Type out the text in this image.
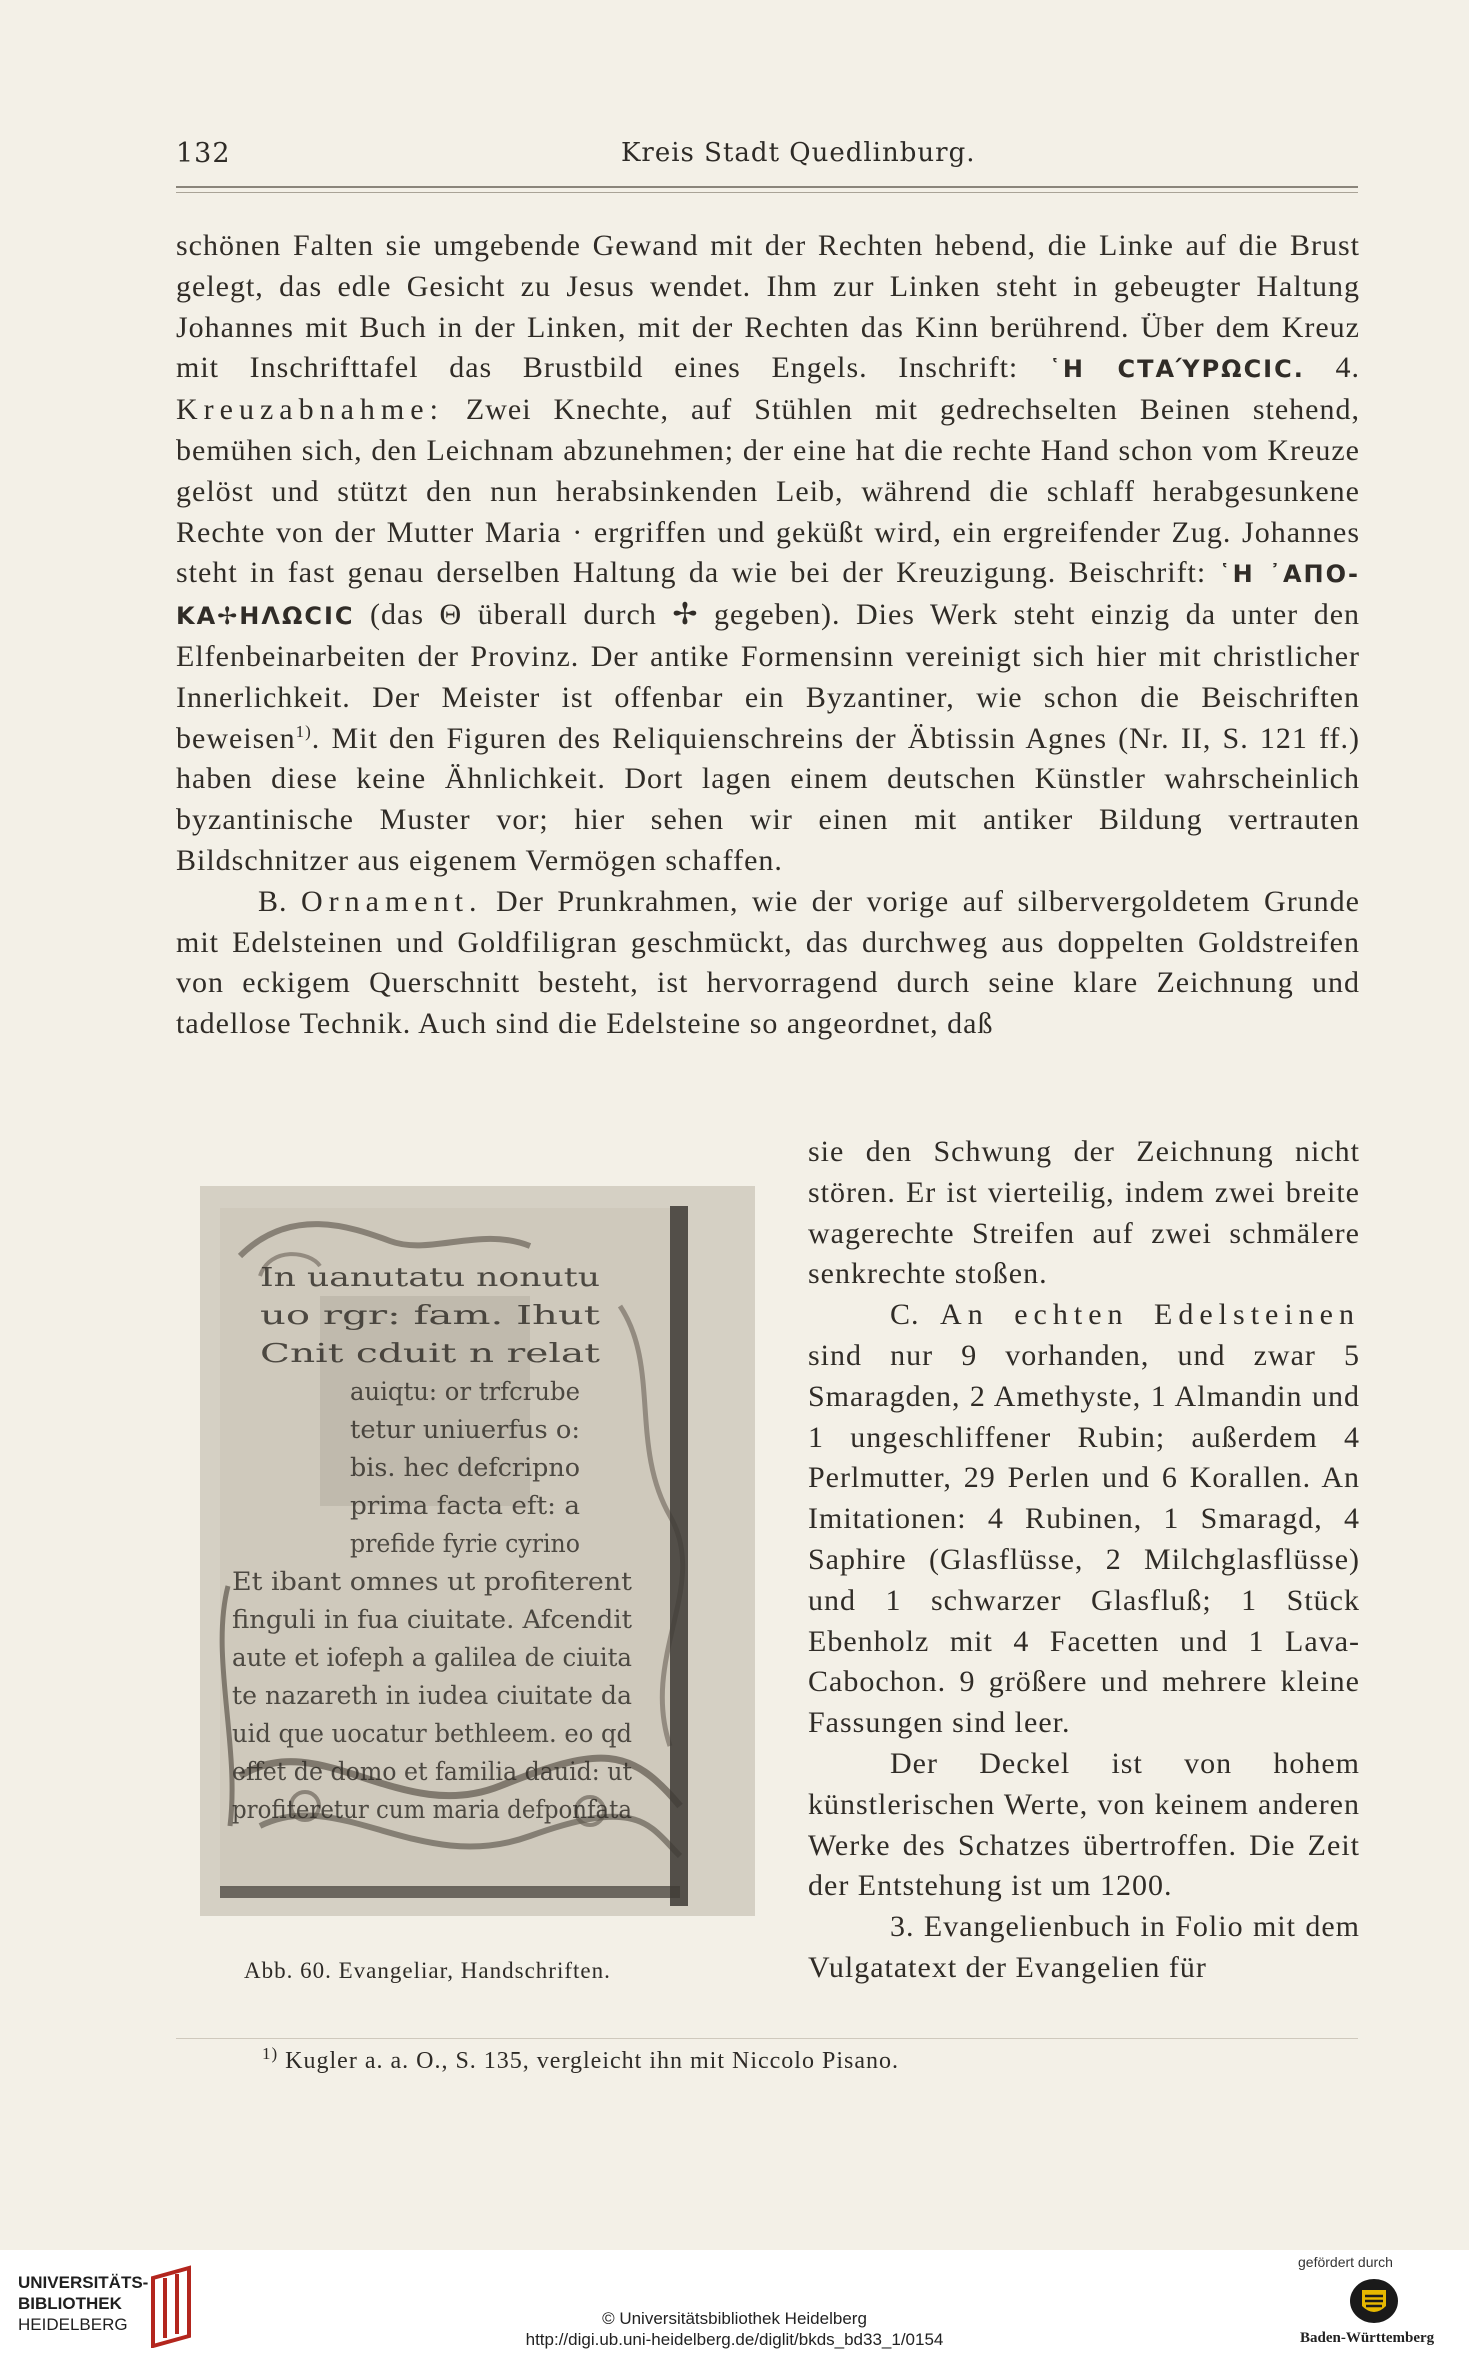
132	Kreis Stadt Quedlinburg.

schönen Falten sie umgebende Gewand mit der Rechten hebend, die Linke auf die Brust gelegt, das edle Gesicht zu Jesus wendet. Ihm zur Linken steht in gebeugter Haltung Johannes mit Buch in der Linken, mit der Rechten das Kinn berührend. Über dem Kreuz mit Inschrifttafel das Brustbild eines Engels. Inschrift: ῾Η ϹΤΑΎΡΩϹΙϹ. 4. Kreuzabnahme: Zwei Knechte, auf Stühlen mit gedrechselten Beinen stehend, bemühen sich, den Leichnam abzunehmen; der eine hat die rechte Hand schon vom Kreuze gelöst und stützt den nun herabsinkenden Leib, während die schlaff herabgesunkene Rechte von der Mutter Maria · ergriffen und geküßt wird, ein ergreifender Zug. Johannes steht in fast genau derselben Haltung da wie bei der Kreuzigung. Beischrift: ῾Η ᾿ΑΠΟ-ΚΑ✢ΗΛΩϹΙϹ (das Θ überall durch ✢ gegeben). Dies Werk steht einzig da unter den Elfenbeinarbeiten der Provinz. Der antike Formensinn vereinigt sich hier mit christlicher Innerlichkeit. Der Meister ist offenbar ein Byzantiner, wie schon die Beischriften beweisen$^{1)}$. Mit den Figuren des Reliquienschreins der Äbtissin Agnes (Nr. II, S. 121 ff.) haben diese keine Ähnlichkeit. Dort lagen einem deutschen Künstler wahrscheinlich byzantinische Muster vor; hier sehen wir einen mit antiker Bildung vertrauten Bildschnitzer aus eigenem Vermögen schaffen.

B. Ornament. Der Prunkrahmen, wie der vorige auf silbervergoldetem Grunde mit Edelsteinen und Goldfiligran geschmückt, das durchweg aus doppelten Goldstreifen von eckigem Querschnitt besteht, ist hervorragend durch seine klare Zeichnung und tadellose Technik. Auch sind die Edelsteine so angeordnet, daß

sie den Schwung der Zeichnung nicht stören. Er ist vierteilig, indem zwei breite wagerechte Streifen auf zwei schmälere senkrechte stoßen.

C. An echten Edelsteinen sind nur 9 vorhanden, und zwar 5 Smaragden, 2 Amethyste, 1 Almandin und 1 ungeschliffener Rubin; außerdem 4 Perlmutter, 29 Perlen und 6 Korallen. An Imitationen: 4 Rubinen, 1 Smaragd, 4 Saphire (Glasflüsse, 2 Milchglasflüsse) und 1 schwarzer Glasfluß; 1 Stück Ebenholz mit 4 Facetten und 1 Lava-Cabochon. 9 größere und mehrere kleine Fassungen sind leer.

Der Deckel ist von hohem künstlerischen Werte, von keinem anderen Werke des Schatzes übertroffen. Die Zeit der Entstehung ist um 1200.

3. Evangelienbuch in Folio mit dem Vulgatatext der Evangelien für

In uanutatu nonutu
uo rgr: fam. Ihut
Cnit cduit n relat
auiqtu: or trfcrube
tetur uniuerfus o:
bis. hec defcripno
prima facta eft: a
prefide fyrie cyrino
Et ibant omnes ut profiterent
finguli in fua ciuitate. Afcendit
aute et iofeph a galilea de ciuita
te nazareth in iudea ciuitate da
uid que uocatur bethleem. eo qd
effet de domo et familia dauid: ut
profiteretur cum maria defponfata
Abb. 60. Evangeliar, Handschriften.
$^{1)}$ Kugler a. a. O., S. 135, vergleicht ihn mit Niccolo Pisano.
UNIVERSITÄTS-
BIBLIOTHEK
HEIDELBERG	© Universitätsbibliothek Heidelberg
http://digi.ub.uni-heidelberg.de/diglit/bkds_bd33_1/0154
gefördert durch
Baden-Württemberg
